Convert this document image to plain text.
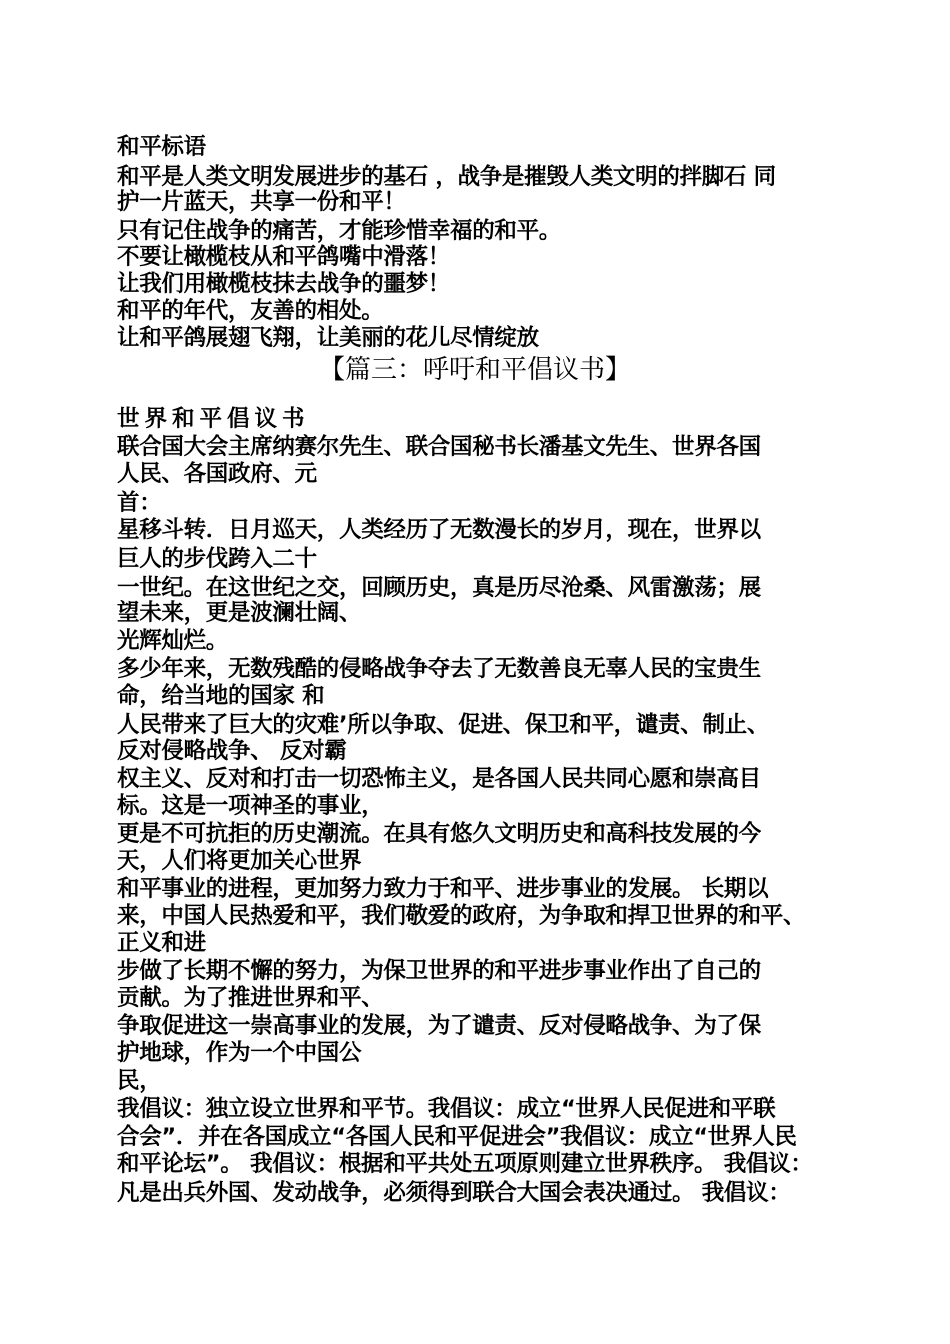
和平标语
和平是人类文明发展进步的基石 ，战争是摧毁人类文明的拌脚石 同
护一片蓝天，共享一份和平！
只有记住战争的痛苦，才能珍惜幸福的和平。
不要让橄榄枝从和平鸽嘴中滑落！
让我们用橄榄枝抹去战争的噩梦！
和平的年代，友善的相处。
让和平鸽展翅飞翔，让美丽的花儿尽情绽放
【篇三：呼吁和平倡议书】
世界和平倡议书
联合国大会主席纳赛尔先生、联合国秘书长潘基文先生、世界各国
人民、各国政府、元
首：
星移斗转．日月巡天，人类经历了无数漫长的岁月，现在，世界以
巨人的步伐跨入二十
一世纪。在这世纪之交，回顾历史，真是历尽沧桑、风雷激荡；展
望未来，更是波澜壮阔、
光辉灿烂。
多少年来，无数残酷的侵略战争夺去了无数善良无辜人民的宝贵生
命，给当地的国家 和
人民带来了巨大的灾难’所以争取、促进、保卫和平，谴责、制止、
反对侵略战争、 反对霸
权主义、反对和打击一切恐怖主义，是各国人民共同心愿和崇高目
标。这是一项神圣的事业，
更是不可抗拒的历史潮流。在具有悠久文明历史和高科技发展的今
天，人们将更加关心世界
和平事业的进程，更加努力致力于和平、进步事业的发展。 长期以
来，中国人民热爱和平，我们敬爱的政府，为争取和捍卫世界的和平、
正义和进
步做了长期不懈的努力，为保卫世界的和平进步事业作出了自己的
贡献。为了推进世界和平、
争取促进这一崇高事业的发展，为了谴责、反对侵略战争、为了保
护地球，作为一个中国公
民，
我倡议：独立设立世界和平节。我倡议：成立“世界人民促进和平联
合会”．并在各国成立“各国人民和平促进会”我倡议：成立“世界人民
和平论坛”。 我倡议：根据和平共处五项原则建立世界秩序。 我倡议：
凡是出兵外国、发动战争，必须得到联合大国会表决通过。 我倡议：
